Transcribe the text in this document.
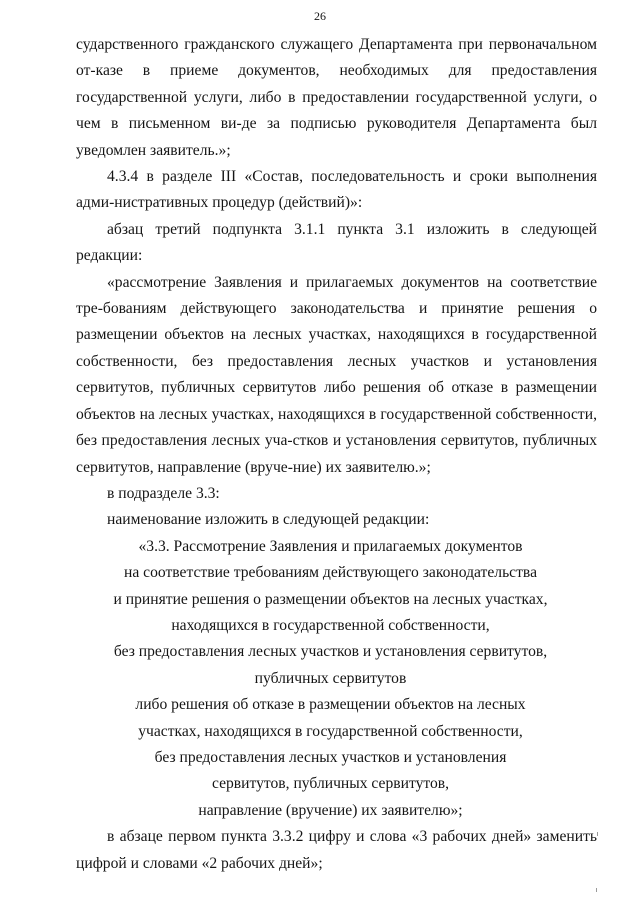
26

сударственного гражданского служащего Департамента при первоначальном от-казе в приеме документов, необходимых для предоставления государственной услуги, либо в предоставлении государственной услуги, о чем в письменном ви-де за подписью руководителя Департамента был уведомлен заявитель.»;

4.3.4 в разделе III «Состав, последовательность и сроки выполнения адми-нистративных процедур (действий)»:

абзац третий подпункта 3.1.1 пункта 3.1 изложить в следующей редакции:

«рассмотрение Заявления и прилагаемых документов на соответствие тре-бованиям действующего законодательства и принятие решения о размещении объектов на лесных участках, находящихся в государственной собственности, без предоставления лесных участков и установления сервитутов, публичных сервитутов либо решения об отказе в размещении объектов на лесных участках, находящихся в государственной собственности, без предоставления лесных уча-стков и установления сервитутов, публичных сервитутов, направление (вруче-ние) их заявителю.»;

в подразделе 3.3:

наименование изложить в следующей редакции:

«3.3. Рассмотрение Заявления и прилагаемых документов

на соответствие требованиям действующего законодательства

и принятие решения о размещении объектов на лесных участках,

находящихся в государственной собственности,

без предоставления лесных участков и установления сервитутов,

публичных сервитутов

либо решения об отказе в размещении объектов на лесных

участках, находящихся в государственной собственности,

без предоставления лесных участков и установления

сервитутов, публичных сервитутов,

направление (вручение) их заявителю»;

в абзаце первом пункта 3.3.2 цифру и слова «3 рабочих дней» заменить цифрой и словами «2 рабочих дней»;
